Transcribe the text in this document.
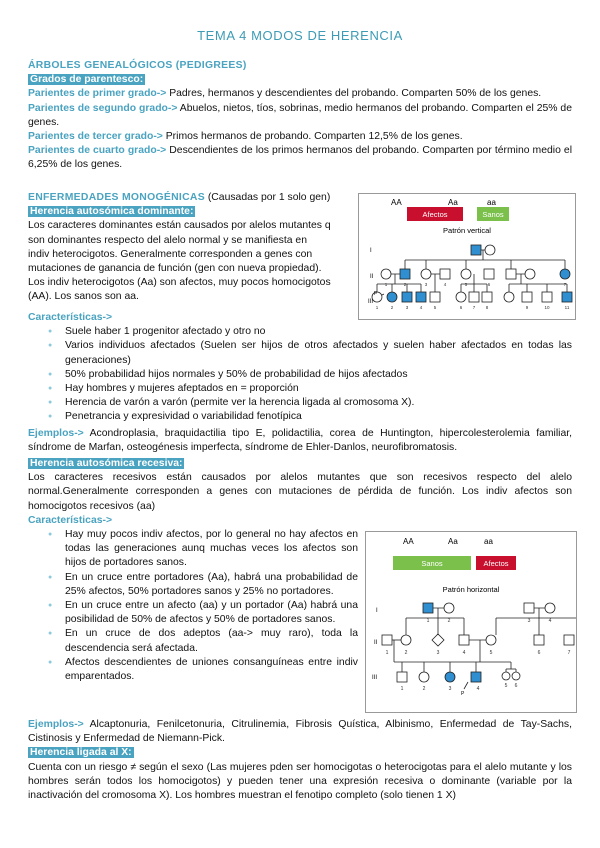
TEMA 4 MODOS DE HERENCIA
ÁRBOLES GENEALÓGICOS (PEDIGREES)
Grados de parentesco:
Parientes de primer grado-> Padres, hermanos y descendientes del probando. Comparten 50% de los genes.
Parientes de segundo grado-> Abuelos, nietos, tíos, sobrinas, medio hermanos del probando. Comparten el 25% de genes.
Parientes de tercer grado-> Primos hermanos de probando. Comparten 12,5% de los genes.
Parientes de cuarto grado-> Descendientes de los primos hermanos del probando. Comparten por término medio el 6,25% de los genes.
ENFERMEDADES MONOGÉNICAS (Causadas por 1 solo gen)
Herencia autosómica dominante:
Los caracteres dominantes están causados por alelos mutantes q
son dominantes respecto del alelo normal y se manifiesta en
indiv heterocigotos. Generalmente corresponden a genes con
mutaciones de ganancia de función (gen con nueva propiedad).
Los indiv heterocigotos (Aa) son afectos, muy pocos homocigotos
(AA). Los sanos son aa.
Características->
● Suele haber 1 progenitor afectado y otro no
● Varios individuos afectados (Suelen ser hijos de otros afectados y suelen haber afectados en todas las generaciones)
● 50% probabilidad hijos normales y 50% de probabilidad de hijos afectados
● Hay hombres y mujeres afeptados en = proporción
● Herencia de varón a varón (permite ver la herencia ligada al cromosoma X).
● Penetrancia y expresividad o variabilidad fenotípica
Ejemplos-> Acondroplasia, braquidactilia tipo E, polidactilia, corea de Huntington, hipercolesterolemia familiar, síndrome de Marfan, osteogénesis imperfecta, síndrome de Ehler-Danlos, neurofibromatosis.
Herencia autosómica recesiva:
Los caracteres recesivos están causados por alelos mutantes que son recesivos respecto del alelo normal.Generalmente corresponden a genes con mutaciones de pérdida de función. Los indiv afectos son homocigotos recesivos (aa)
Características->
● Hay muy pocos indiv afectos, por lo general no hay afectos en todas las generaciones aunq muchas veces los afectos son hijos de portadores sanos.
● En un cruce entre portadores (Aa), habrá una probabilidad de 25% afectos, 50% portadores sanos y 25% no portadores.
● En un cruce entre un afecto (aa) y un portador (Aa) habrá una posibilidad de 50% de afectos y 50% de portadores sanos.
● En un cruce de dos adeptos (aa-> muy raro), toda la descendencia será afectada.
● Afectos descendientes de uniones consanguíneas entre indiv emparentados.
Ejemplos-> Alcaptonuria, Fenilcetonuria, Citrulinemia, Fibrosis Quística, Albinismo, Enfermedad de Tay-Sachs, Cistinosis y Enfermedad de Niemann-Pick.
Herencia ligada al X:
Cuenta con un riesgo ≠ según el sexo (Las mujeres pden ser homocigotas o heterocigotas para el alelo mutante y los hombres serán todos los homocigotos) y pueden tener una expresión recesiva o dominante (variable por la inactivación del cromosoma X). Los hombres muestran el fenotipo completo (solo tienen 1 X)
AA	Aa	aa
Afectos	Sanos
Patrón vertical
I
II
III
p
1	2	3	4	5	6	7
1	2	3	4	5	6 7 8	9	10	11
AA	Aa	aa
Sanos	Afectos
Patrón horizontal
I
II
III
P
1	2	3	4
1	2	3	4	5	6	7
1	2	3	4	5 6
